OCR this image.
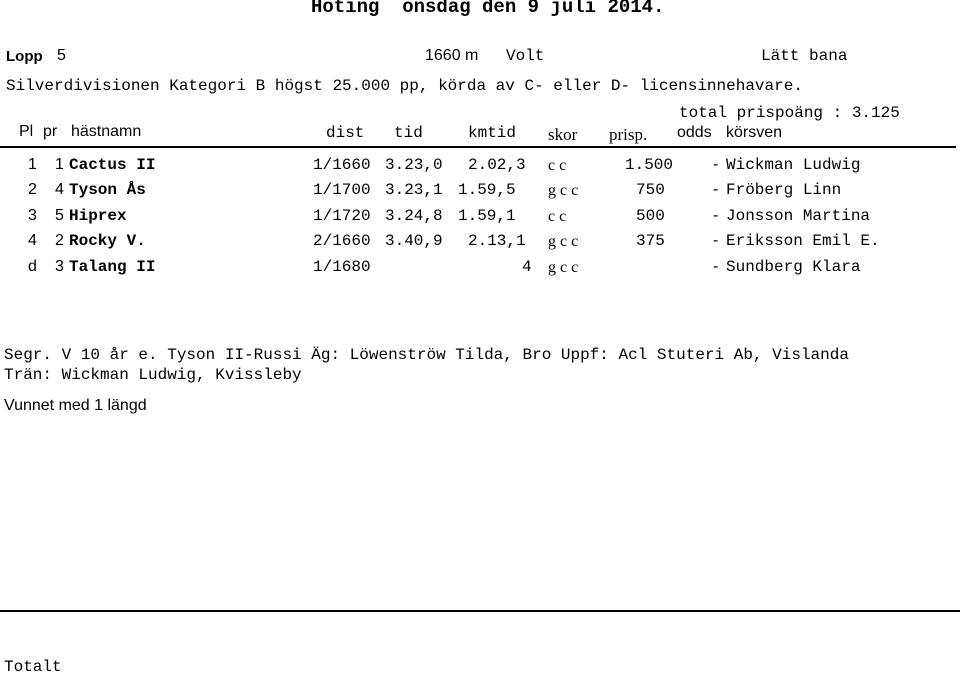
Hoting  onsdag den 9 juli 2014.
Lopp 5	1660 m Volt	Lätt bana
Silverdivisionen Kategori B högst 25.000 pp, körda av C- eller D- licensinnehavare.
total prispoäng : 3.125
Pl pr hästnamn	dist tid	kmtid skor prisp. odds körsven
1 1 Cactus II	1/1660 3.23,0 2.02,3 c c	1.500 - Wickman Ludwig
2 4 Tyson Ås	1/1700 3.23,1 1.59,5 g c c	750	- Fröberg Linn
3 5 Hiprex	1/1720 3.24,8 1.59,1 c c	500	- Jonsson Martina
4 2 Rocky V.	2/1660 3.40,9 2.13,1 g c c	375	- Eriksson Emil E.
d 3 Talang II	1/1680	4 g c c	- Sundberg Klara
Segr. V 10 år e. Tyson II-Russi Äg: Löwenströw Tilda, Bro Uppf: Acl Stuteri Ab, Vislanda
Trän: Wickman Ludwig, Kvissleby
Vunnet med 1 längd
Totalt
